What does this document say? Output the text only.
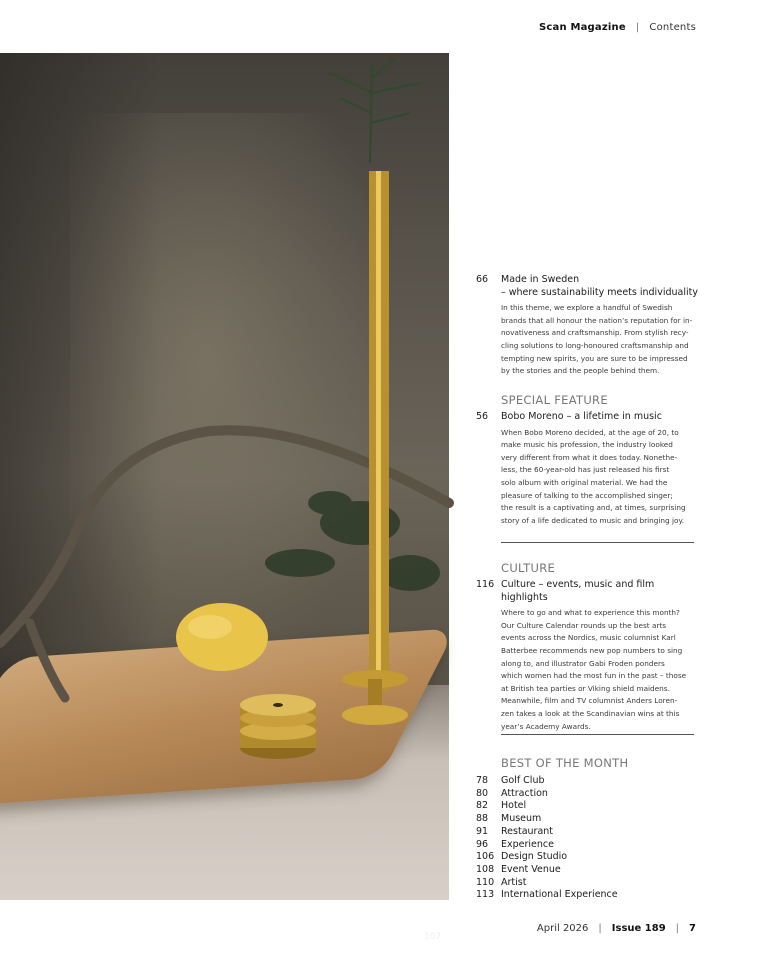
Scan Magazine | Contents
107
66	Made in Sweden
– where sustainability meets individuality
In this theme, we explore a handful of Swedish
brands that all honour the nation’s reputation for in-
novativeness and craftsmanship. From stylish recy-
cling solutions to long-honoured craftsmanship and
tempting new spirits, you are sure to be impressed
by the stories and the people behind them.
SPECIAL FEATURE
56	Bobo Moreno – a lifetime in music
When Bobo Moreno decided, at the age of 20, to
make music his profession, the industry looked
very different from what it does today. Nonethe-
less, the 60-year-old has just released his first
solo album with original material. We had the
pleasure of talking to the accomplished singer;
the result is a captivating and, at times, surprising
story of a life dedicated to music and bringing joy.
CULTURE
116 Culture – events, music and film highlights
Where to go and what to experience this month?
Our Culture Calendar rounds up the best arts
events across the Nordics, music columnist Karl
Batterbee recommends new pop numbers to sing
along to, and illustrator Gabi Froden ponders
which women had the most fun in the past – those
at British tea parties or Viking shield maidens.
Meanwhile, film and TV columnist Anders Loren-
zen takes a look at the Scandinavian wins at this
year’s Academy Awards.
BEST OF THE MONTH
78	Golf Club
80	Attraction
82	Hotel
88	Museum
91	Restaurant
96	Experience
106 Design Studio
108 Event Venue
110 Artist
113 International Experience
April 2026 | Issue 189 | 7
